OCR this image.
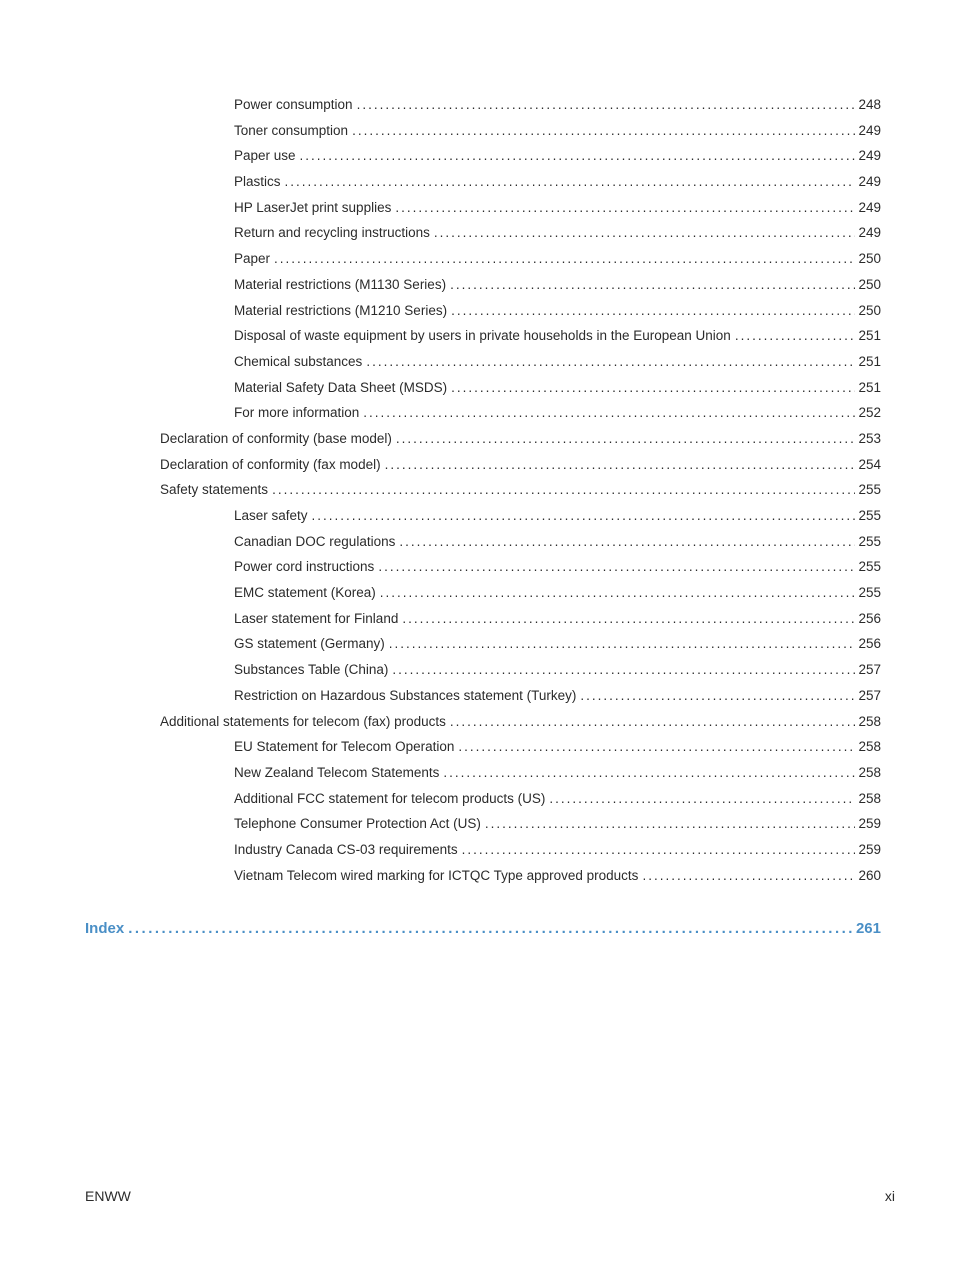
Power consumption .....	248
Toner consumption .....	249
Paper use .....	249
Plastics .....	249
HP LaserJet print supplies .....	249
Return and recycling instructions .....	249
Paper .....	250
Material restrictions (M1130 Series) .....	250
Material restrictions (M1210 Series) .....	250
Disposal of waste equipment by users in private households in the European Union .....	251
Chemical substances .....	251
Material Safety Data Sheet (MSDS) .....	251
For more information .....	252
Declaration of conformity (base model) .....	253
Declaration of conformity (fax model) .....	254
Safety statements .....	255
Laser safety .....	255
Canadian DOC regulations .....	255
Power cord instructions .....	255
EMC statement (Korea) .....	255
Laser statement for Finland .....	256
GS statement (Germany) .....	256
Substances Table (China) .....	257
Restriction on Hazardous Substances statement (Turkey) .....	257
Additional statements for telecom (fax) products .....	258
EU Statement for Telecom Operation .....	258
New Zealand Telecom Statements .....	258
Additional FCC statement for telecom products (US) .....	258
Telephone Consumer Protection Act (US) .....	259
Industry Canada CS-03 requirements .....	259
Vietnam Telecom wired marking for ICTQC Type approved products .....	260
Index .....	261
ENWW	xi
